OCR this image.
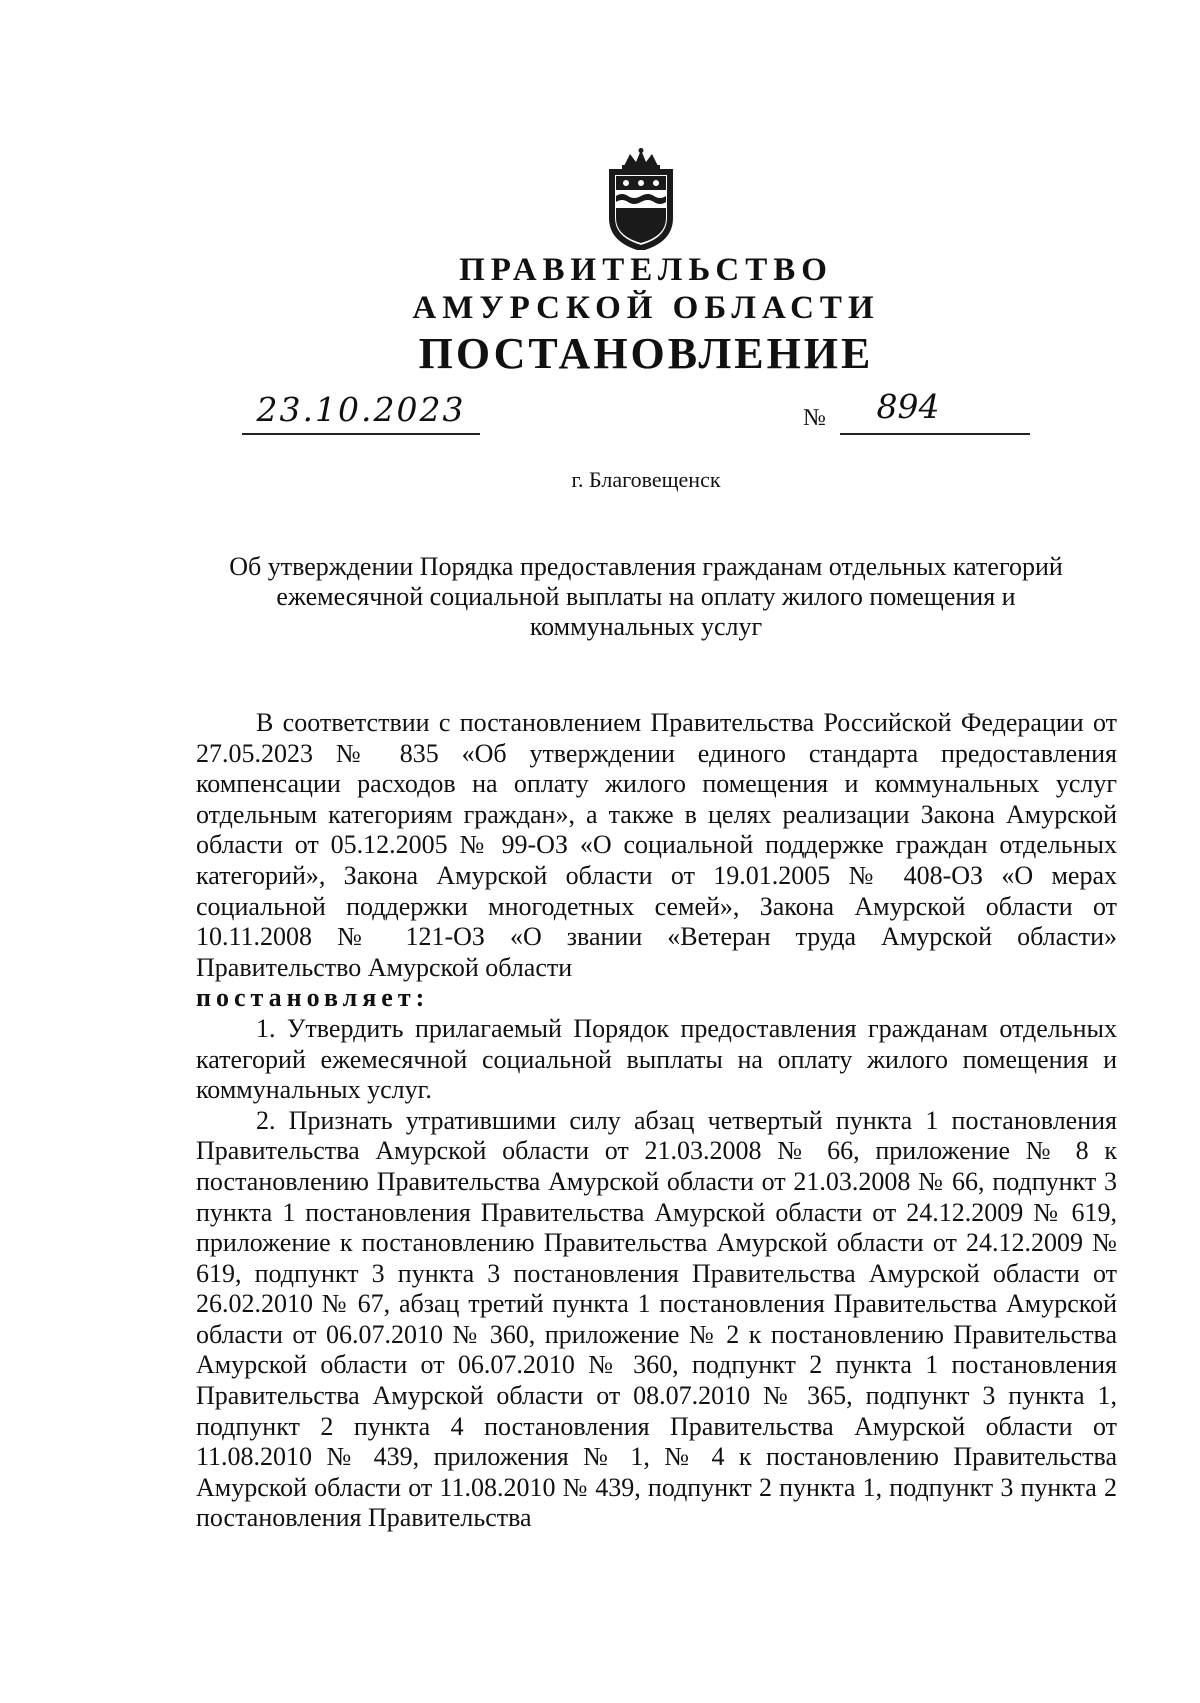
ПРАВИТЕЛЬСТВО
АМУРСКОЙ ОБЛАСТИ
ПОСТАНОВЛЕНИЕ
23.10.2023	№	894
г. Благовещенск
Об утверждении Порядка предоставления гражданам отдельных категорий ежемесячной социальной выплаты на оплату жилого помещения и коммунальных услуг

В соответствии с постановлением Правительства Российской Федерации от 27.05.2023 № 835 «Об утверждении единого стандарта предоставления компенсации расходов на оплату жилого помещения и коммунальных услуг отдельным категориям граждан», а также в целях реализации Закона Амурской области от 05.12.2005 № 99-ОЗ «О социальной поддержке граждан отдельных категорий», Закона Амурской области от 19.01.2005 № 408-ОЗ «О мерах социальной поддержки многодетных семей», Закона Амурской области от 10.11.2008 № 121-ОЗ «О звании «Ветеран труда Амурской области» Правительство Амурской области

постановляет:

1. Утвердить прилагаемый Порядок предоставления гражданам отдельных категорий ежемесячной социальной выплаты на оплату жилого помещения и коммунальных услуг.

2. Признать утратившими силу абзац четвертый пункта 1 постановления Правительства Амурской области от 21.03.2008 № 66, приложение № 8 к постановлению Правительства Амурской области от 21.03.2008 № 66, подпункт 3 пункта 1 постановления Правительства Амурской области от 24.12.2009 № 619, приложение к постановлению Правительства Амурской области от 24.12.2009 № 619, подпункт 3 пункта 3 постановления Правительства Амурской области от 26.02.2010 № 67, абзац третий пункта 1 постановления Правительства Амурской области от 06.07.2010 № 360, приложение № 2 к постановлению Правительства Амурской области от 06.07.2010 № 360, подпункт 2 пункта 1 постановления Правительства Амурской области от 08.07.2010 № 365, подпункт 3 пункта 1, подпункт 2 пункта 4 постановления Правительства Амурской области от 11.08.2010 № 439, приложения № 1, № 4 к постановлению Правительства Амурской области от 11.08.2010 № 439, подпункт 2 пункта 1, подпункт 3 пункта 2 постановления Правительства
